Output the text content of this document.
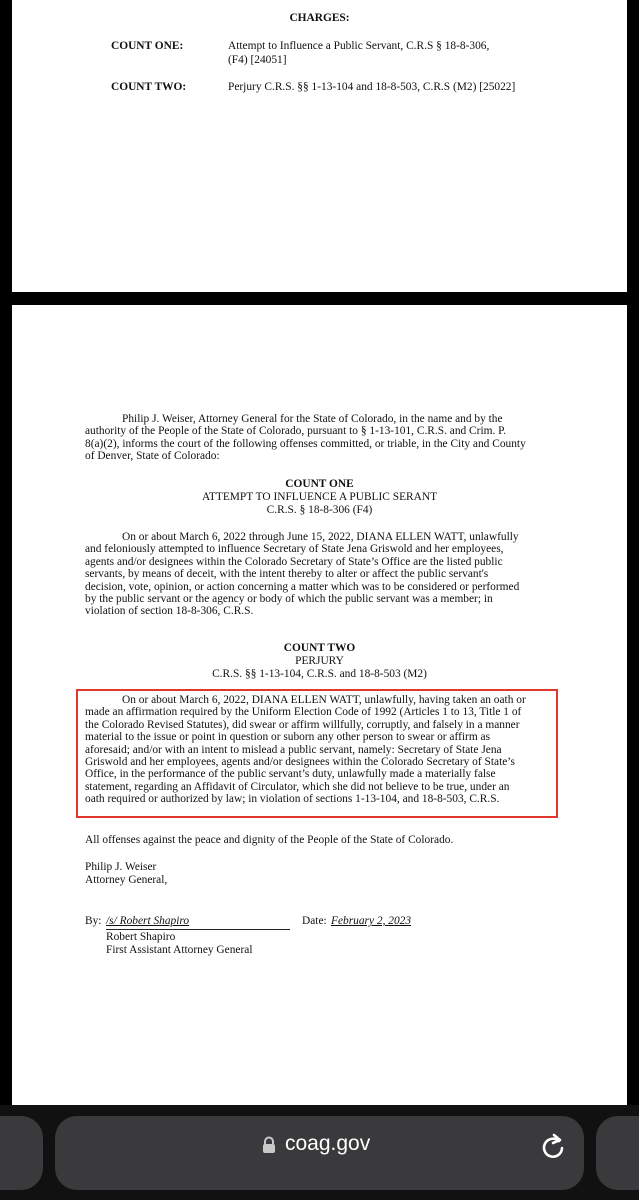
CHARGES:
COUNT ONE:	Attempt to Influence a Public Servant, C.R.S § 18-8-306,
(F4) [24051]
COUNT TWO:	Perjury C.R.S. §§ 1-13-104 and 18-8-503, C.R.S (M2) [25022]
Philip J. Weiser, Attorney General for the State of Colorado, in the name and by the
authority of the People of the State of Colorado, pursuant to § 1-13-101, C.R.S. and Crim. P.
8(a)(2), informs the court of the following offenses committed, or triable, in the City and County
of Denver, State of Colorado:
COUNT ONE
ATTEMPT TO INFLUENCE A PUBLIC SERANT
C.R.S. § 18-8-306 (F4)
On or about March 6, 2022 through June 15, 2022, DIANA ELLEN WATT, unlawfully
and feloniously attempted to influence Secretary of State Jena Griswold and her employees,
agents and/or designees within the Colorado Secretary of State’s Office are the listed public
servants, by means of deceit, with the intent thereby to alter or affect the public servant's
decision, vote, opinion, or action concerning a matter which was to be considered or performed
by the public servant or the agency or body of which the public servant was a member; in
violation of section 18-8-306, C.R.S.
COUNT TWO
PERJURY
C.R.S. §§ 1-13-104, C.R.S. and 18-8-503 (M2)
On or about March 6, 2022, DIANA ELLEN WATT, unlawfully, having taken an oath or
made an affirmation required by the Uniform Election Code of 1992 (Articles 1 to 13, Title 1 of
the Colorado Revised Statutes), did swear or affirm willfully, corruptly, and falsely in a manner
material to the issue or point in question or suborn any other person to swear or affirm as
aforesaid; and/or with an intent to mislead a public servant, namely: Secretary of State Jena
Griswold and her employees, agents and/or designees within the Colorado Secretary of State’s
Office, in the performance of the public servant’s duty, unlawfully made a materially false
statement, regarding an Affidavit of Circulator, which she did not believe to be true, under an
oath required or authorized by law; in violation of sections 1-13-104, and 18-8-503, C.R.S.
All offenses against the peace and dignity of the People of the State of Colorado.
Philip J. Weiser
Attorney General,
By: /s/ Robert Shapiro	Date: February 2, 2023
Robert Shapiro
First Assistant Attorney General
coag.gov
